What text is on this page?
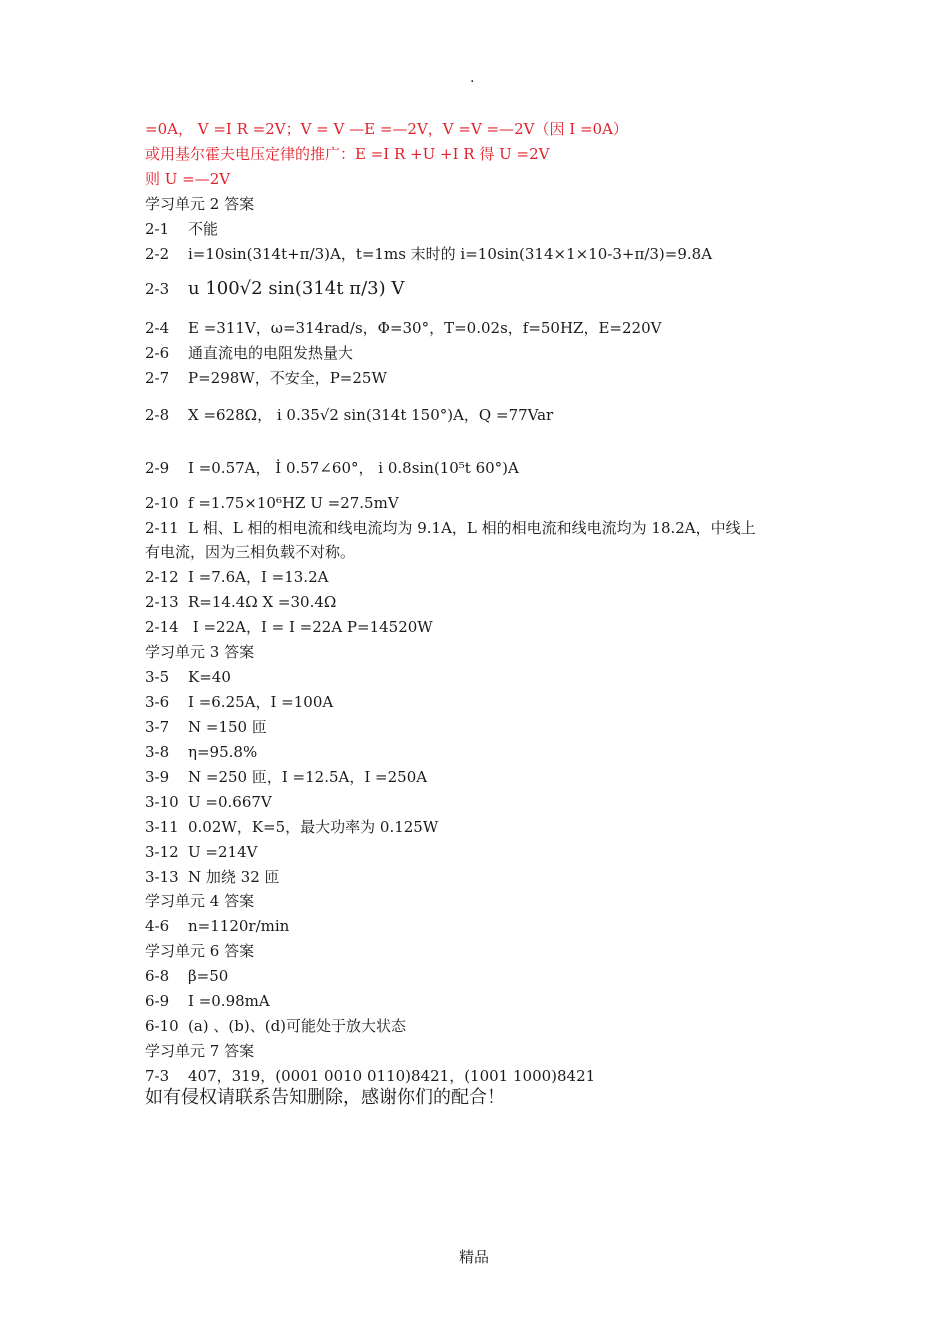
.
=0A， V =I R =2V；V = V —E =—2V，V =V =—2V（因 I =0A）
或用基尔霍夫电压定律的推广：E =I R +U +I R 得 U =2V
则 U =—2V
学习单元 2 答案
2-1 不能
2-2 i=10sin(314t+π/3)A，t=1ms 末时的 i=10sin(314×1×10-3+π/3)=9.8A
2-3 u 100√2 sin(314t π/3) V
2-4 E =311V，ω=314rad/s，Φ=30°，T=0.02s，f=50HZ，E=220V
2-6 通直流电的电阻发热量大
2-7 P=298W，不安全，P=25W
2-8 X =628Ω， i 0.35√2 sin(314t 150°)A，Q =77Var
2-9 I =0.57A， İ 0.57∠60°， i 0.8sin(10⁵t 60°)A
2-10 f =1.75×10⁶HZ U =27.5mV
2-11 L 相、L 相的相电流和线电流均为 9.1A，L 相的相电流和线电流均为 18.2A，中线上
有电流，因为三相负载不对称。
2-12 I =7.6A，I =13.2A
2-13 R=14.4Ω X =30.4Ω
2-14 I =22A，I = I =22A P=14520W
学习单元 3 答案
3-5 K=40
3-6 I =6.25A，I =100A
3-7 N =150 匝
3-8 η=95.8%
3-9 N =250 匝，I =12.5A，I =250A
3-10 U =0.667V
3-11 0.02W，K=5，最大功率为 0.125W
3-12 U =214V
3-13 N 加绕 32 匝
学习单元 4 答案
4-6 n=1120r/min
学习单元 6 答案
6-8 β=50
6-9 I =0.98mA
6-10 (a) 、(b)、(d)可能处于放大状态
学习单元 7 答案
7-3 407，319，(0001 0010 0110)8421，(1001 1000)8421
如有侵权请联系告知删除，感谢你们的配合！
精品
